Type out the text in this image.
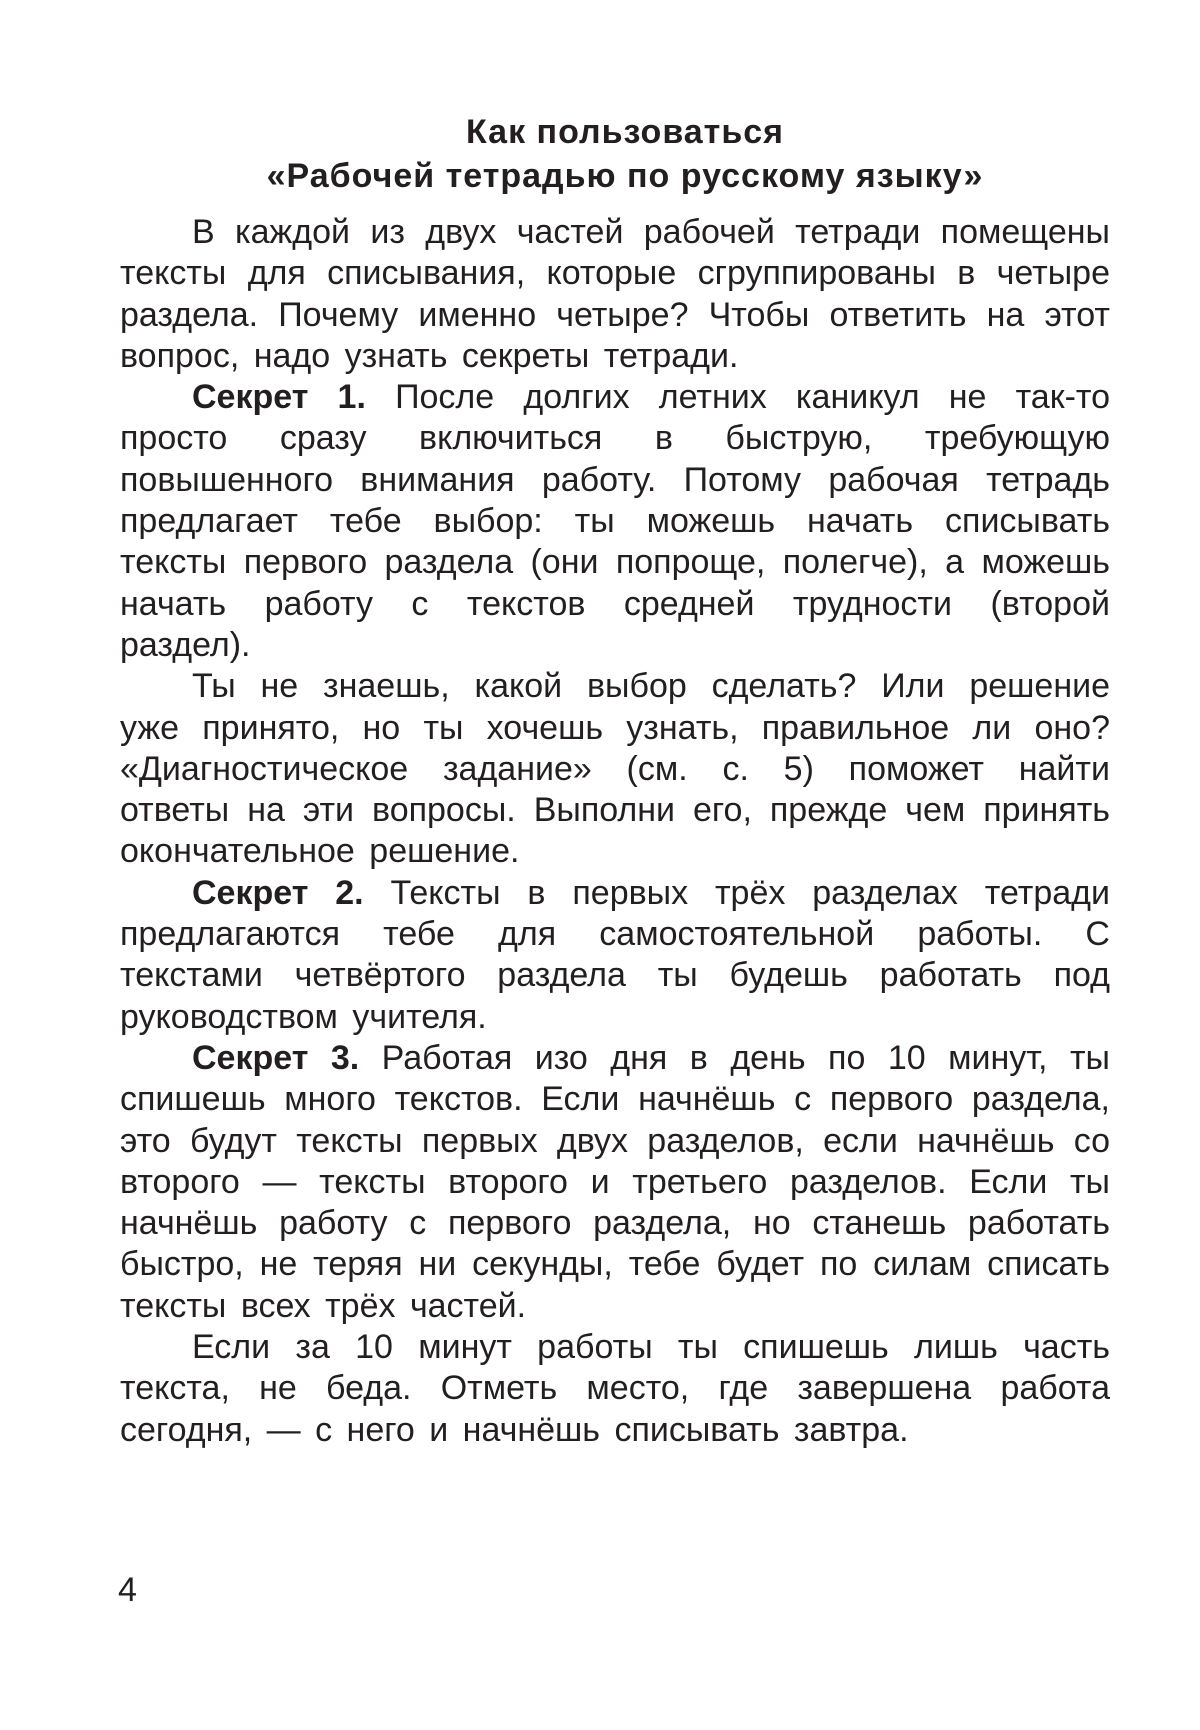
Как пользоваться
«Рабочей тетрадью по русскому языку»

В каждой из двух частей рабочей тетради помещены тексты для списывания, которые сгруппированы в четыре раздела. Почему именно четыре? Чтобы ответить на этот вопрос, надо узнать секреты тетради.

Секрет 1. После долгих летних каникул не так-то просто сразу включиться в быструю, требующую повышенного внимания работу. Потому рабочая тетрадь предлагает тебе выбор: ты можешь начать списывать тексты первого раздела (они попроще, полегче), а можешь начать работу с текстов средней трудности (второй раздел).

Ты не знаешь, какой выбор сделать? Или решение уже принято, но ты хочешь узнать, правильное ли оно? «Диагностическое задание» (см. с. 5) поможет найти ответы на эти вопросы. Выполни его, прежде чем принять окончательное решение.

Секрет 2. Тексты в первых трёх разделах тетради предлагаются тебе для самостоятельной работы. С текстами четвёртого раздела ты будешь работать под руководством учителя.

Секрет 3. Работая изо дня в день по 10 минут, ты спишешь много текстов. Если начнёшь с первого раздела, это будут тексты первых двух разделов, если начнёшь со второго — тексты второго и третьего разделов. Если ты начнёшь работу с первого раздела, но станешь работать быстро, не теряя ни секунды, тебе будет по силам списать тексты всех трёх частей.

Если за 10 минут работы ты спишешь лишь часть текста, не беда. Отметь место, где завершена работа сегодня, — с него и начнёшь списывать завтра.

4
